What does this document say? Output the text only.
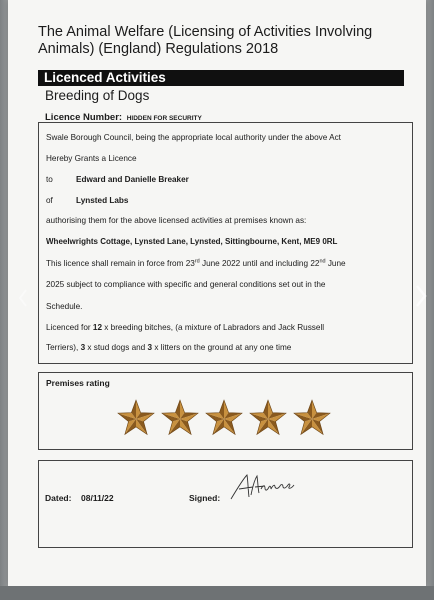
The Animal Welfare (Licensing of Activities Involving Animals) (England) Regulations 2018
Licenced Activities
Breeding of Dogs
Licence Number: HIDDEN FOR SECURITY
Swale Borough Council, being the appropriate local authority under the above Act
Hereby Grants a Licence
to	Edward and Danielle Breaker
of	Lynsted Labs
authorising them for the above licensed activities at premises known as:
Wheelwrights Cottage, Lynsted Lane, Lynsted, Sittingbourne, Kent, ME9 0RL
This licence shall remain in force from 23rd June 2022 until and including 22nd June
2025 subject to compliance with specific and general conditions set out in the
Schedule.
Licenced for 12 x breeding bitches, (a mixture of Labradors and Jack Russell
Terriers), 3 x stud dogs and 3 x litters on the ground at any one time
Premises rating
Dated: 08/11/22	Signed:
